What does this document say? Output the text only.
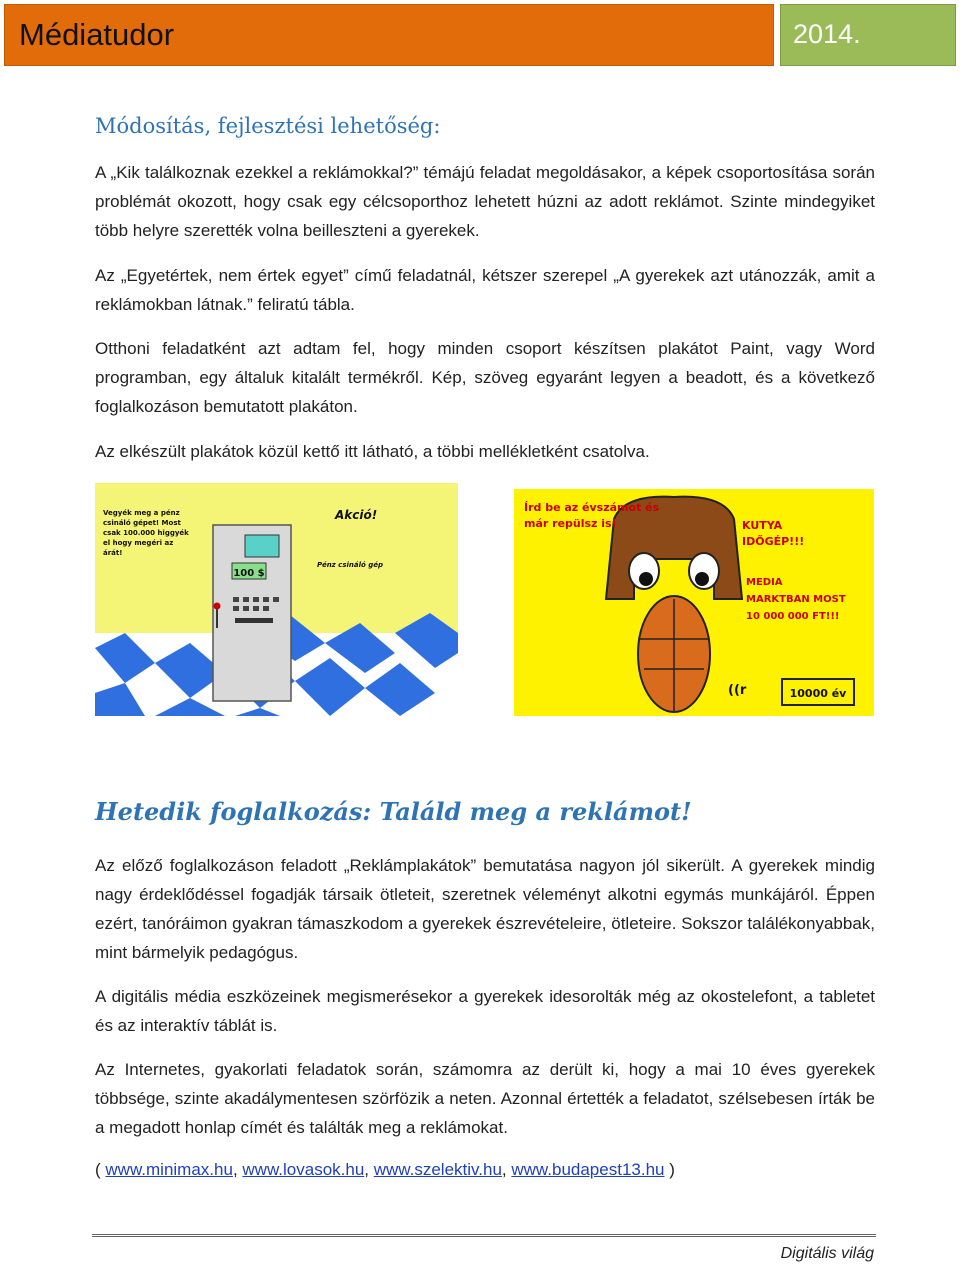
Médiatudor	2014.
Módosítás, fejlesztési lehetőség:
A „Kik találkoznak ezekkel a reklámokkal?” témájú feladat megoldásakor, a képek csoportosítása során problémát okozott, hogy csak egy célcsoporthoz lehetett húzni az adott reklámot. Szinte mindegyiket több helyre szerették volna beilleszteni a gyerekek.
Az „Egyetértek, nem értek egyet” című feladatnál, kétszer szerepel „A gyerekek azt utánozzák, amit a reklámokban látnak.” feliratú tábla.
Otthoni feladatként azt adtam fel, hogy minden csoport készítsen plakátot Paint, vagy Word programban, egy általuk kitalált termékről. Kép, szöveg egyaránt legyen a beadott, és a következő foglalkozáson bemutatott plakáton.
Az elkészült plakátok közül kettő itt látható, a többi mellékletként csatolva.
100 $
Vegyék meg a pénz
csináló gépet! Most
csak 100.000 higgyék
el hogy megéri az
árát!
Akció!
Pénz csináló gép
Írd be az évszámot és
már repülsz is!	KUTYA
IDŐGÉP!!!
MEDIA
MARKTBAN MOST
10 000 000 FT!!!
((r	10000 év
Hetedik foglalkozás: Találd meg a reklámot!
Az előző foglalkozáson feladott „Reklámplakátok” bemutatása nagyon jól sikerült. A gyerekek mindig nagy érdeklődéssel fogadják társaik ötleteit, szeretnek véleményt alkotni egymás munkájáról. Éppen ezért, tanóráimon gyakran támaszkodom a gyerekek észrevételeire, ötleteire. Sokszor találékonyabbak, mint bármelyik pedagógus.
A digitális média eszközeinek megismerésekor a gyerekek idesorolták még az okostelefont, a tabletet és az interaktív táblát is.
Az Internetes, gyakorlati feladatok során, számomra az derült ki, hogy a mai 10 éves gyerekek többsége, szinte akadálymentesen szörfözik a neten. Azonnal értették a feladatot, szélsebesen írták be a megadott honlap címét és találták meg a reklámokat.
( www.minimax.hu, www.lovasok.hu, www.szelektiv.hu, www.budapest13.hu )
Digitális világ
